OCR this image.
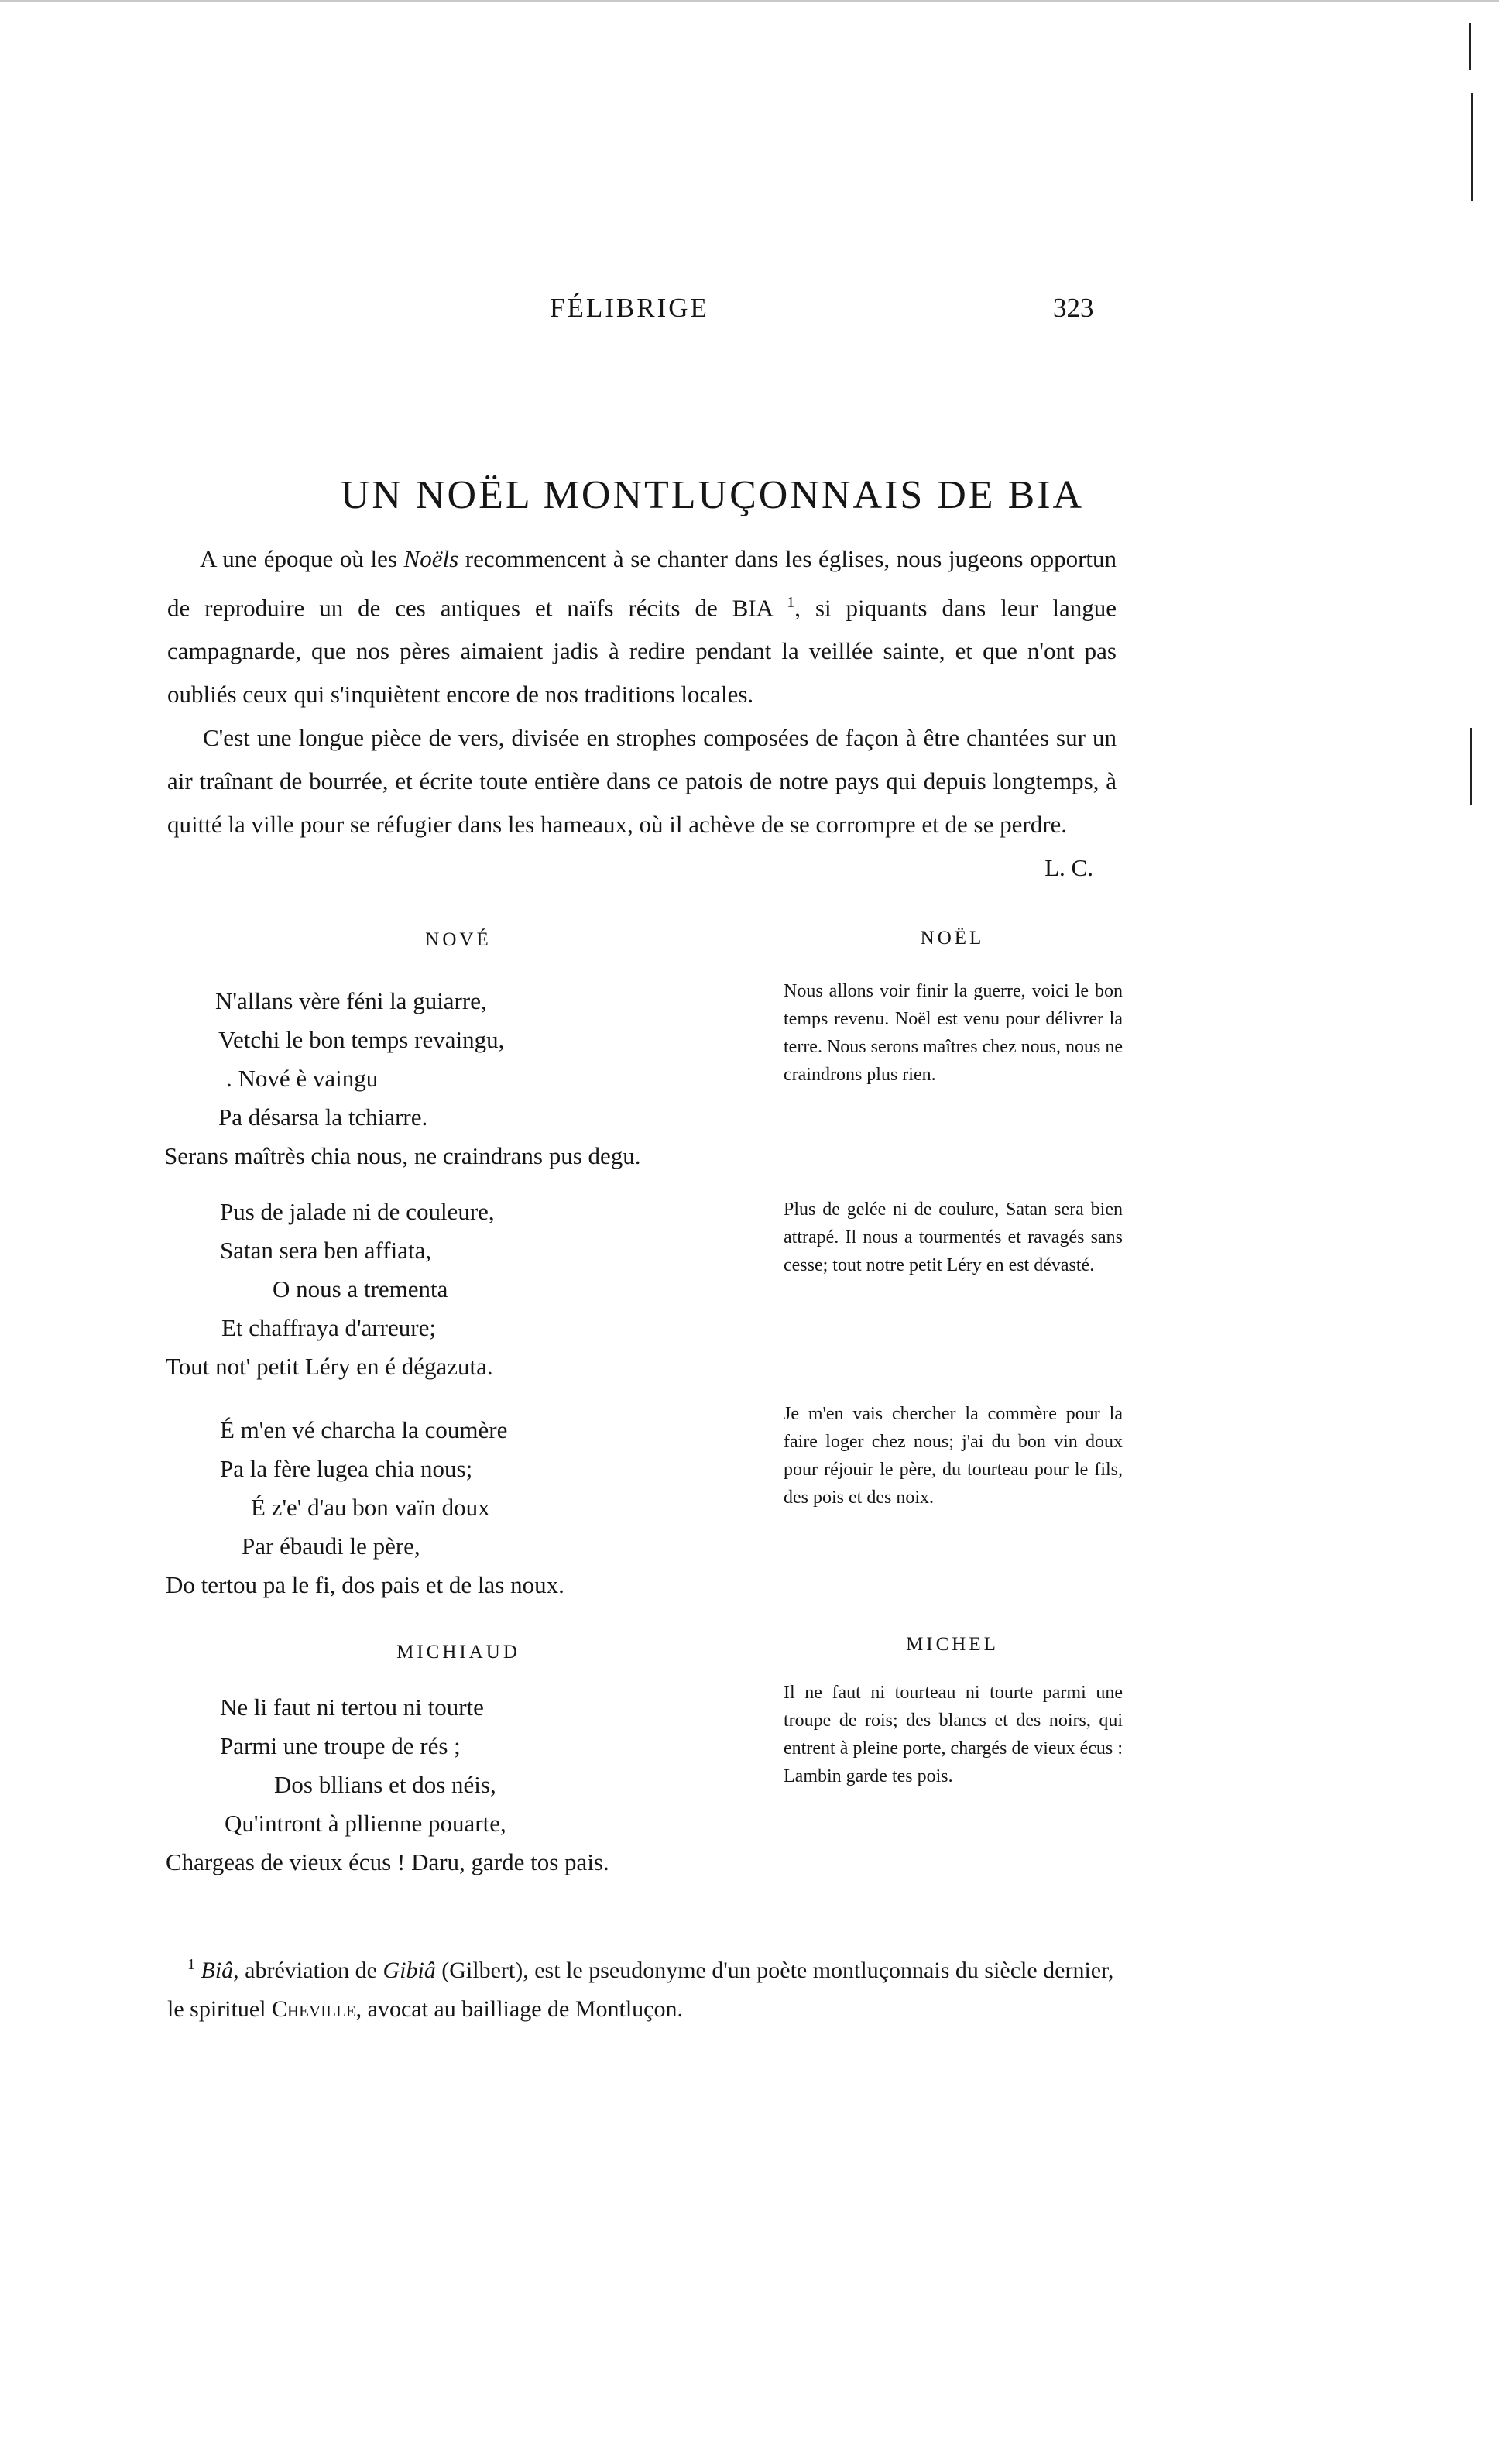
FÉLIBRIGE	323
UN NOËL MONTLUÇONNAIS DE BIA

A une époque où les Noëls recommencent à se chanter dans les églises, nous jugeons opportun de reproduire un de ces antiques et naïfs récits de BIA $^1$, si piquants dans leur langue campagnarde, que nos pères aimaient jadis à redire pendant la veillée sainte, et que n'ont pas oubliés ceux qui s'inquiètent encore de nos traditions locales.

C'est une longue pièce de vers, divisée en strophes composées de façon à être chantées sur un air traînant de bourrée, et écrite toute entière dans ce patois de notre pays qui depuis longtemps, à quitté la ville pour se réfugier dans les hameaux, où il achève de se corrompre et de se perdre.
L. C.

NOVÉ
N'allans vère féni la guiarre,
Vetchi le bon temps revaingu,
. Nové è vaingu
Pa désarsa la tchiarre.
Serans maîtrès chia nous, ne craindrans pus degu.
Pus de jalade ni de couleure,
Satan sera ben affiata,
O nous a trementa
Et chaffraya d'arreure;
Tout not' petit Léry en é dégazuta.
É m'en vé charcha la coumère
Pa la fère lugea chia nous;
É z'e' d'au bon vaïn doux
Par ébaudi le père,
Do tertou pa le fi, dos pais et de las noux.
MICHIAUD
Ne li faut ni tertou ni tourte
Parmi une troupe de rés ;
Dos bllians et dos néis,
Qu'intront à pllienne pouarte,
Chargeas de vieux écus ! Daru, garde tos pais.
NOËL
Nous allons voir finir la guerre, voici le bon temps revenu. Noël est venu pour délivrer la terre. Nous serons maîtres chez nous, nous ne craindrons plus rien.
Plus de gelée ni de coulure, Satan sera bien attrapé. Il nous a tourmentés et ravagés sans cesse; tout notre petit Léry en est dévasté.
Je m'en vais chercher la commère pour la faire loger chez nous; j'ai du bon vin doux pour réjouir le père, du tourteau pour le fils, des pois et des noix.
MICHEL
Il ne faut ni tourteau ni tourte parmi une troupe de rois; des blancs et des noirs, qui entrent à pleine porte, chargés de vieux écus : Lambin garde tes pois.

$^1$ Biâ, abréviation de Gibiâ (Gilbert), est le pseudonyme d'un poète montluçonnais du siècle dernier, le spirituel Cheville, avocat au bailliage de Montluçon.
